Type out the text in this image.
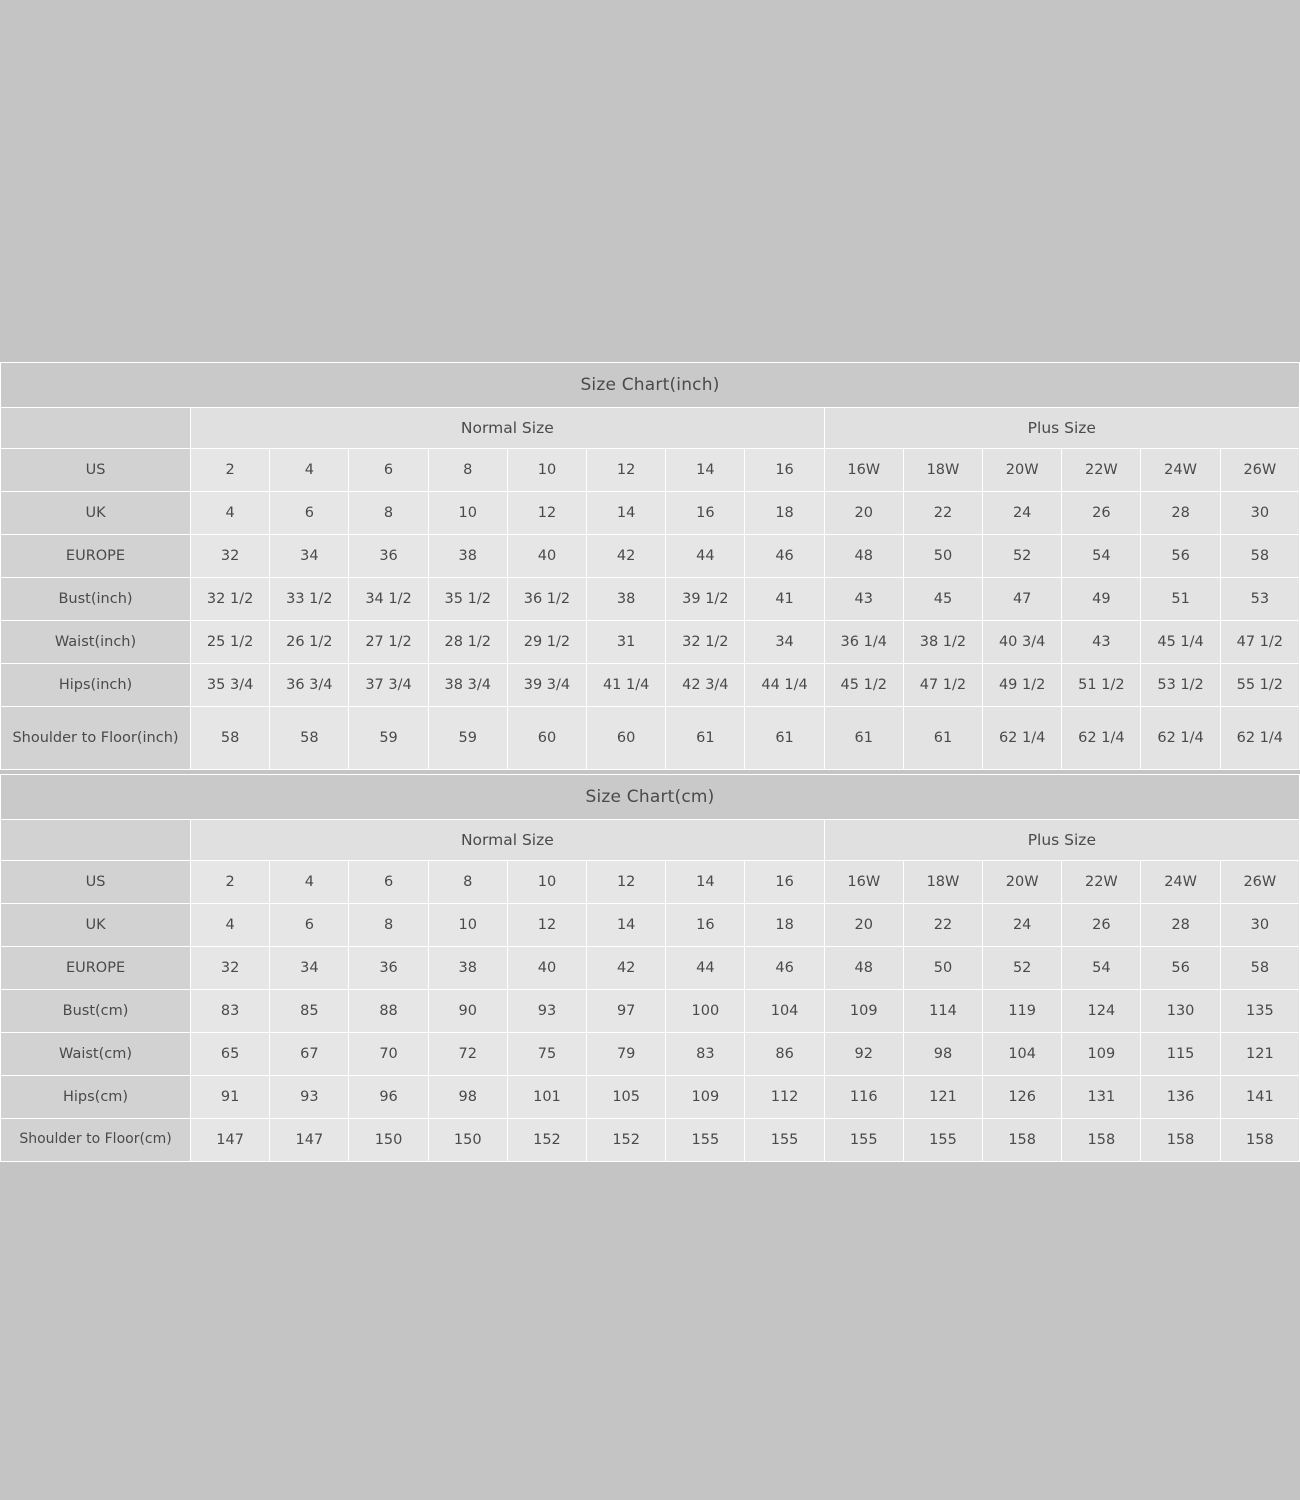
Size Chart(inch)														
	Normal Size								Plus Size					
US	2	4	6	8	10	12	14	16	16W	18W	20W	22W	24W	26W
UK	4	6	8	10	12	14	16	18	20	22	24	26	28	30
EUROPE	32	34	36	38	40	42	44	46	48	50	52	54	56	58
Bust(inch)	32 1/2	33 1/2	34 1/2	35 1/2	36 1/2	38	39 1/2	41	43	45	47	49	51	53
Waist(inch)	25 1/2	26 1/2	27 1/2	28 1/2	29 1/2	31	32 1/2	34	36 1/4	38 1/2	40 3/4	43	45 1/4	47 1/2
Hips(inch)	35 3/4	36 3/4	37 3/4	38 3/4	39 3/4	41 1/4	42 3/4	44 1/4	45 1/2	47 1/2	49 1/2	51 1/2	53 1/2	55 1/2
Shoulder to Floor(inch)	58	58	59	59	60	60	61	61	61	61	62 1/4	62 1/4	62 1/4	62 1/4
Size Chart(cm)														
	Normal Size								Plus Size					
US	2	4	6	8	10	12	14	16	16W	18W	20W	22W	24W	26W
UK	4	6	8	10	12	14	16	18	20	22	24	26	28	30
EUROPE	32	34	36	38	40	42	44	46	48	50	52	54	56	58
Bust(cm)	83	85	88	90	93	97	100	104	109	114	119	124	130	135
Waist(cm)	65	67	70	72	75	79	83	86	92	98	104	109	115	121
Hips(cm)	91	93	96	98	101	105	109	112	116	121	126	131	136	141
Shoulder to Floor(cm)	147	147	150	150	152	152	155	155	155	155	158	158	158	158
